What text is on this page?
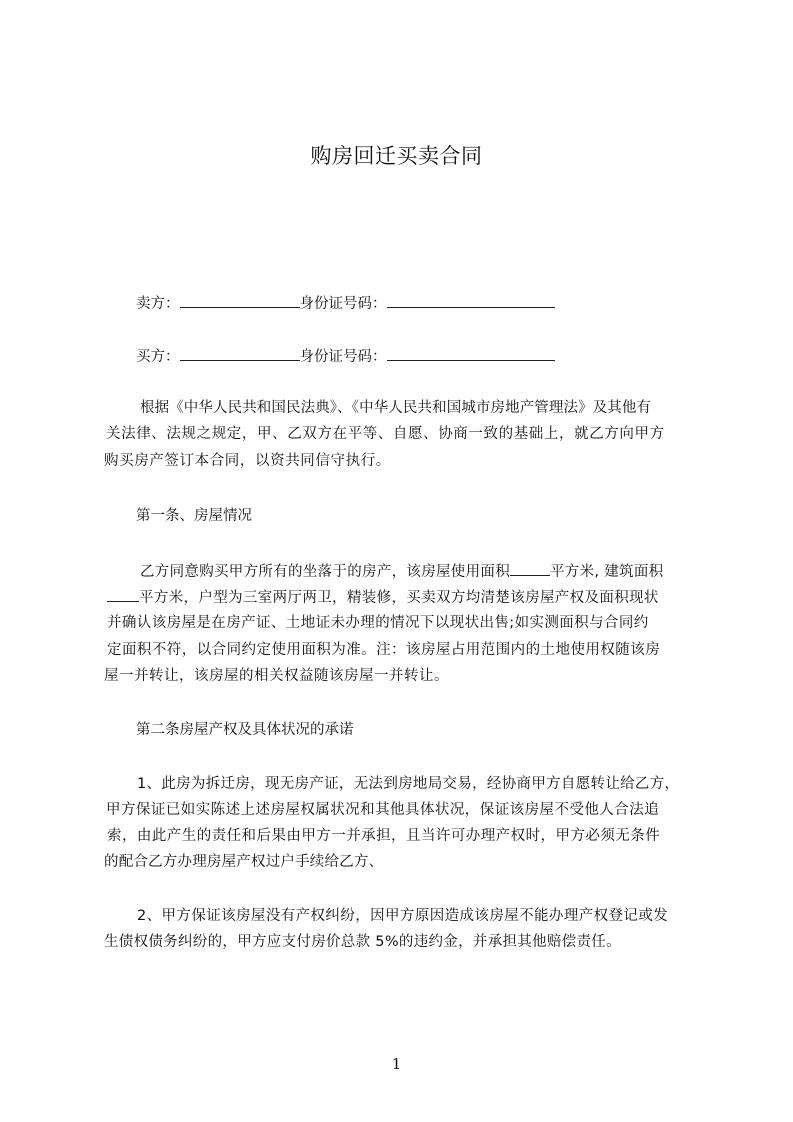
购房回迁买卖合同
卖方：	身份证号码：
买方：	身份证号码：
根据《中华人民共和国民法典》、《中华人民共和国城市房地产管理法》及其他有
关法律、法规之规定，甲、乙双方在平等、自愿、协商一致的基础上，就乙方向甲方
购买房产签订本合同，以资共同信守执行。
第一条、房屋情况
乙方同意购买甲方所有的坐落于的房产，该房屋使用面积	平方米, 建筑面积
平方米，户型为三室两厅两卫，精装修，买卖双方均清楚该房屋产权及面积现状
并确认该房屋是在房产证、土地证未办理的情况下以现状出售;如实测面积与合同约
定面积不符，以合同约定使用面积为准。注：该房屋占用范围内的土地使用权随该房
屋一并转让，该房屋的相关权益随该房屋一并转让。
第二条房屋产权及具体状况的承诺
1、此房为拆迁房，现无房产证，无法到房地局交易，经协商甲方自愿转让给乙方，
甲方保证已如实陈述上述房屋权属状况和其他具体状况，保证该房屋不受他人合法追
索，由此产生的责任和后果由甲方一并承担，且当许可办理产权时，甲方必须无条件
的配合乙方办理房屋产权过户手续给乙方、
2、甲方保证该房屋没有产权纠纷，因甲方原因造成该房屋不能办理产权登记或发
生债权债务纠纷的，甲方应支付房价总款 5%的违约金，并承担其他赔偿责任。
1
